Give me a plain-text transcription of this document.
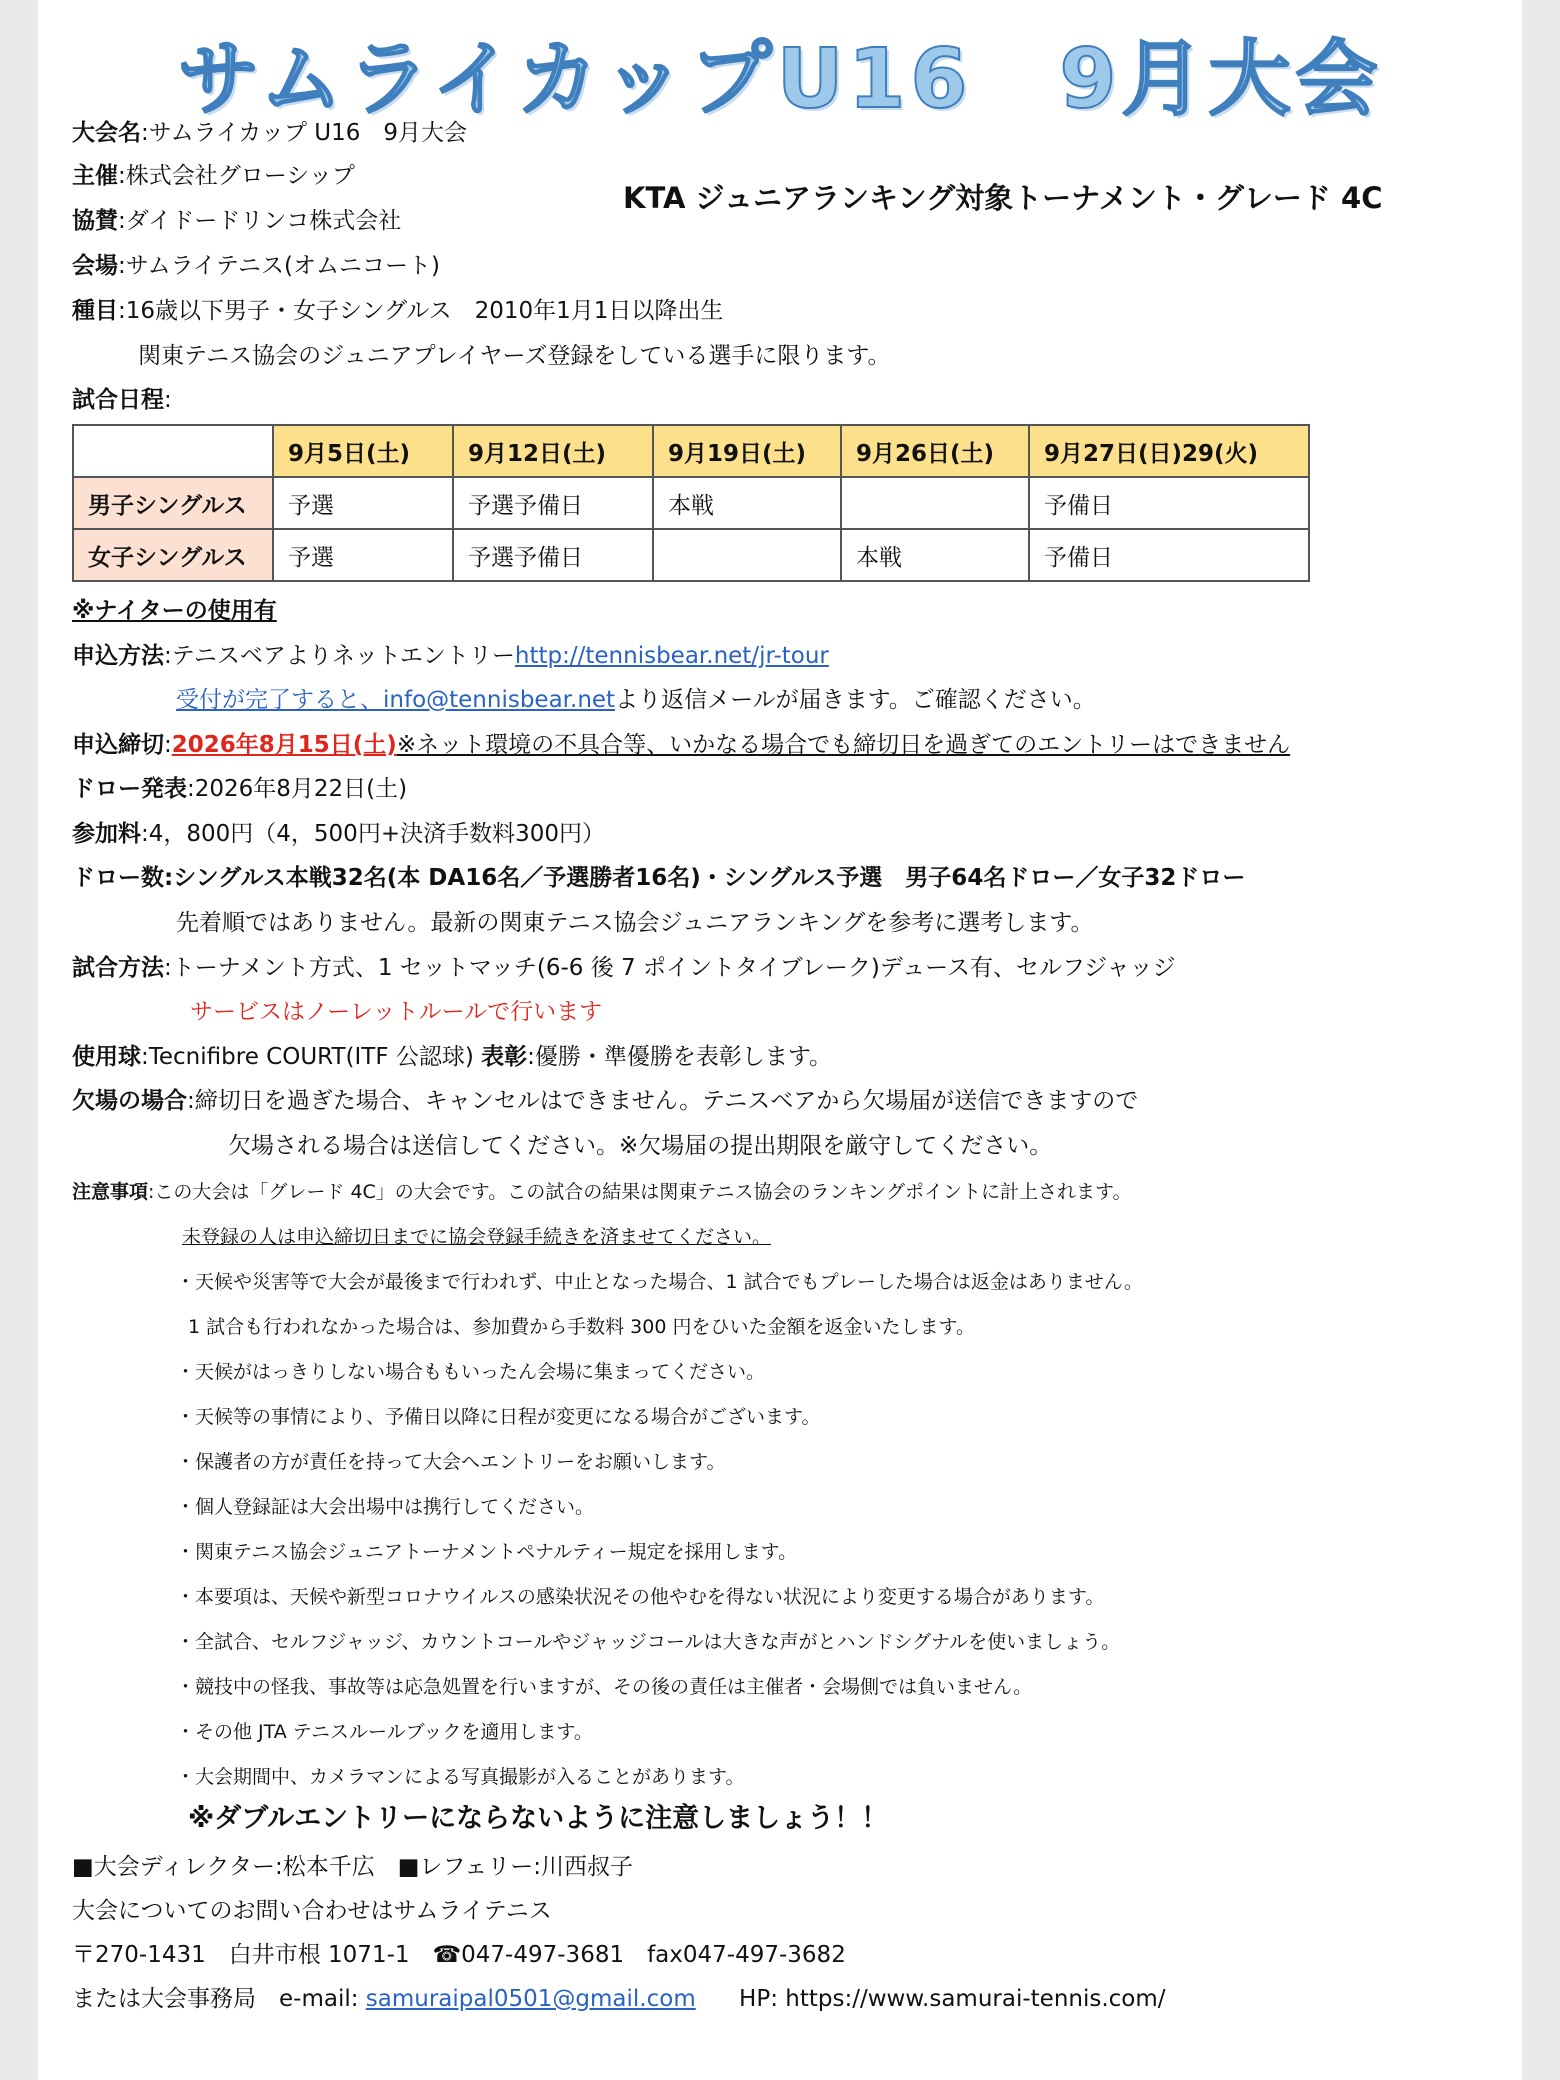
サムライカップU16　9月大会
大会名:サムライカップ U16　9月大会
主催:株式会社グローシップ
KTA ジュニアランキング対象トーナメント・グレード 4C
協賛:ダイドードリンコ株式会社
会場:サムライテニス(オムニコート)
種目:16歳以下男子・女子シングルス　2010年1月1日以降出生
関東テニス協会のジュニアプレイヤーズ登録をしている選手に限ります。
試合日程:
	9月5日(土)	9月12日(土)	9月19日(土)	9月26日(土)	9月27日(日)29(火)
男子シングルス	予選	予選予備日	本戦		予備日
女子シングルス	予選	予選予備日		本戦	予備日
※ナイターの使用有
申込方法:テニスベアよりネットエントリーhttp://tennisbear.net/jr-tour
受付が完了すると、info@tennisbear.netより返信メールが届きます。ご確認ください。
申込締切:2026年8月15日(土)※ネット環境の不具合等、いかなる場合でも締切日を過ぎてのエントリーはできません
ドロー発表:2026年8月22日(土)
参加料:4，800円（4，500円+決済手数料300円）
ドロー数:シングルス本戦32名(本 DA16名／予選勝者16名)・シングルス予選　男子64名ドロー／女子32ドロー
先着順ではありません。最新の関東テニス協会ジュニアランキングを参考に選考します。
試合方法:トーナメント方式、1 セットマッチ(6-6 後 7 ポイントタイブレーク)デュース有、セルフジャッジ
サービスはノーレットルールで行います
使用球:Tecnifibre COURT(ITF 公認球) 表彰:優勝・準優勝を表彰します。
欠場の場合:締切日を過ぎた場合、キャンセルはできません。テニスベアから欠場届が送信できますので
欠場される場合は送信してください。※欠場届の提出期限を厳守してください。
注意事項:この大会は「グレード 4C」の大会です。この試合の結果は関東テニス協会のランキングポイントに計上されます。
未登録の人は申込締切日までに協会登録手続きを済ませてください。
・天候や災害等で大会が最後まで行われず、中止となった場合、1 試合でもプレーした場合は返金はありません。
1 試合も行われなかった場合は、参加費から手数料 300 円をひいた金額を返金いたします。
・天候がはっきりしない場合ももいったん会場に集まってください。
・天候等の事情により、予備日以降に日程が変更になる場合がございます。
・保護者の方が責任を持って大会へエントリーをお願いします。
・個人登録証は大会出場中は携行してください。
・関東テニス協会ジュニアトーナメントペナルティー規定を採用します。
・本要項は、天候や新型コロナウイルスの感染状況その他やむを得ない状況により変更する場合があります。
・全試合、セルフジャッジ、カウントコールやジャッジコールは大きな声がとハンドシグナルを使いましょう。
・競技中の怪我、事故等は応急処置を行いますが、その後の責任は主催者・会場側では負いません。
・その他 JTA テニスルールブックを適用します。
・大会期間中、カメラマンによる写真撮影が入ることがあります。
※ダブルエントリーにならないように注意しましょう！！
■大会ディレクター:松本千広　■レフェリー:川西叔子
大会についてのお問い合わせはサムライテニス
〒270-1431　白井市根 1071-1　☎047-497-3681　fax047-497-3682
または大会事務局　e-mail: samuraipal0501@gmail.com HP: https://www.samurai-tennis.com/
